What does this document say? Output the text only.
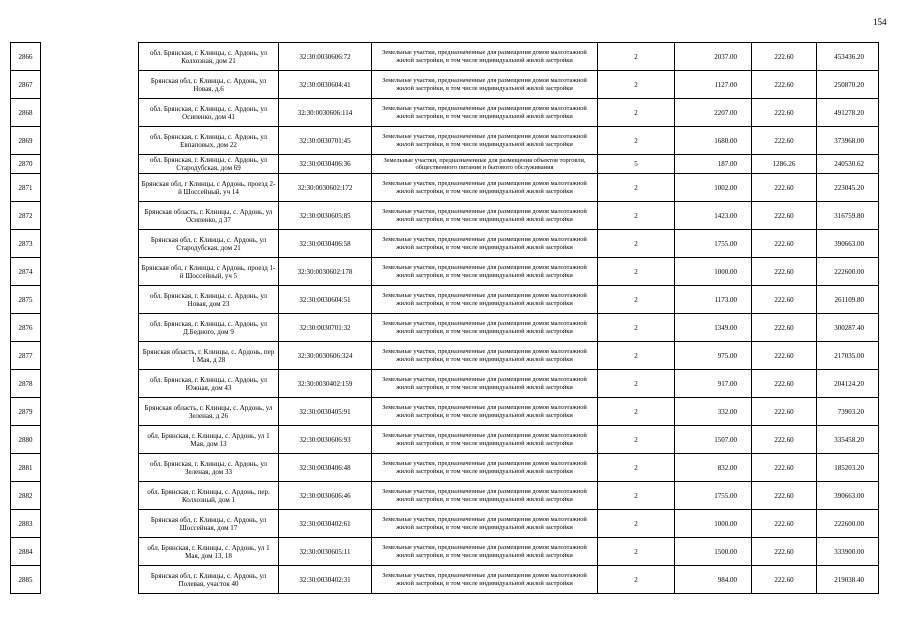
154
2866		обл. Брянская, г. Клинцы, с. Ардонь, ул Колхозная, дом 21	32:30:0030606:72	Земельные участки, предназначенные для размещения домов малоэтажной жилой застройки, в том числе индивидуальной жилой застройки	2	2037.00	222.60	453436.20
2867		Брянская обл, г. Клинцы, с. Ардонь, ул Новая, д.6	32:30:0030604:41	Земельные участки, предназначенные для размещения домов малоэтажной жилой застройки, в том числе индивидуальной жилой застройки	2	1127.00	222.60	250870.20
2868		обл. Брянская, г. Клинцы, с. Ардонь, ул Осипенко, дом 41	32:30:0030606:114	Земельные участки, предназначенные для размещения домов малоэтажной жилой застройки, в том числе индивидуальной жилой застройки	2	2207.00	222.60	491278.20
2869		обл. Брянская, г. Клинцы, с. Ардонь, ул Евпаповых, дом 22	32:30:0030701:45	Земельные участки, предназначенные для размещения домов малоэтажной жилой застройки, в том числе индивидуальной жилой застройки	2	1680.00	222.60	373968.00
2870		обл. Брянская, г. Клинцы, с. Ардонь, ул Стародубская, дом 69	32:30:0030406:36	Земельные участки, предназначенные для размещения объектов торговли, общественного питания и бытового обслуживания	5	187.00	1286.26	240530.62
2871		Брянская обл, г Клинцы, с Ардонь, проезд 2-й Шоссейный, уч 14	32:30:0030602:172	Земельные участки, предназначенные для размещения домов малоэтажной жилой застройки, в том числе индивидуальной жилой застройки	2	1002.00	222.60	223045.20
2872		Брянская область, г. Клинцы, с. Ардонь, ул Осипенко, д 37	32:30:0030605:85	Земельные участки, предназначенные для размещения домов малоэтажной жилой застройки, в том числе индивидуальной жилой застройки	2	1423.00	222.60	316759.80
2873		Брянская обл, г. Клинцы, с. Ардонь, ул Стародубская, дом 21	32:30:0030406:58	Земельные участки, предназначенные для размещения домов малоэтажной жилой застройки, в том числе индивидуальной жилой застройки	2	1755.00	222.60	390663.00
2874		Брянская обл, г Клинцы, с Ардонь, проезд 1-й Шоссейный, уч 5	32:30:0030602:178	Земельные участки, предназначенные для размещения домов малоэтажной жилой застройки, в том числе индивидуальной жилой застройки	2	1000.00	222.60	222600.00
2875		обл. Брянская, г. Клинцы, с. Ардонь, ул Новая, дом 23	32:30:0030604:51	Земельные участки, предназначенные для размещения домов малоэтажной жилой застройки, в том числе индивидуальной жилой застройки	2	1173.00	222.60	261109.80
2876		обл. Брянская, г. Клинцы, с. Ардонь, ул Д.Бедного, дом 9	32:30:0030701:32	Земельные участки, предназначенные для размещения домов малоэтажной жилой застройки, в том числе индивидуальной жилой застройки	2	1349.00	222.60	300287.40
2877		Брянская область, г. Клинцы, с. Ардонь, пер 1 Мая, д 28	32:30:0030606:324	Земельные участки, предназначенные для размещения домов малоэтажной жилой застройки, в том числе индивидуальной жилой застройки	2	975.00	222.60	217035.00
2878		обл. Брянская, г. Клинцы, с. Ардонь, ул Южная, дом 43	32:30:0030402:159	Земельные участки, предназначенные для размещения домов малоэтажной жилой застройки, в том числе индивидуальной жилой застройки	2	917.00	222.60	204124.20
2879		Брянская область, г. Клинцы, с. Ардонь, ул Зеленая, д 26	32:30:0030405:91	Земельные участки, предназначенные для размещения домов малоэтажной жилой застройки, в том числе индивидуальной жилой застройки	2	332.00	222.60	73903.20
2880		обл. Брянская, г. Клинцы, с. Ардонь, ул 1 Мая, дом 13	32:30:0030606:93	Земельные участки, предназначенные для размещения домов малоэтажной жилой застройки, в том числе индивидуальной жилой застройки	2	1507.00	222.60	335458.20
2881		обл. Брянская, г. Клинцы, с. Ардонь, ул Зеленая, дом 33	32:30:0030406:48	Земельные участки, предназначенные для размещения домов малоэтажной жилой застройки, в том числе индивидуальной жилой застройки	2	832.00	222.60	185203.20
2882		обл. Брянская, г. Клинцы, с. Ардонь, пер. Колхозный, дом 1	32:30:0030606:46	Земельные участки, предназначенные для размещения домов малоэтажной жилой застройки, в том числе индивидуальной жилой застройки	2	1755.00	222.60	390663.00
2883		Брянская обл, г. Клинцы, с. Ардонь, ул Шоссейная, дом 17	32:30:0030402:61	Земельные участки, предназначенные для размещения домов малоэтажной жилой застройки, в том числе индивидуальной жилой застройки	2	1000.00	222.60	222600.00
2884		обл. Брянская, г. Клинцы, с. Ардонь, ул 1 Мая, дом 13, 18	32:30:0030605:11	Земельные участки, предназначенные для размещения домов малоэтажной жилой застройки, в том числе индивидуальной жилой застройки	2	1500.00	222.60	333900.00
2885		Брянская обл, г. Клинцы, с. Ардонь, ул Полевая, участок 40	32:30:0030402:31	Земельные участки, предназначенные для размещения домов малоэтажной жилой застройки, в том числе индивидуальной жилой застройки	2	984.00	222.60	219038.40
